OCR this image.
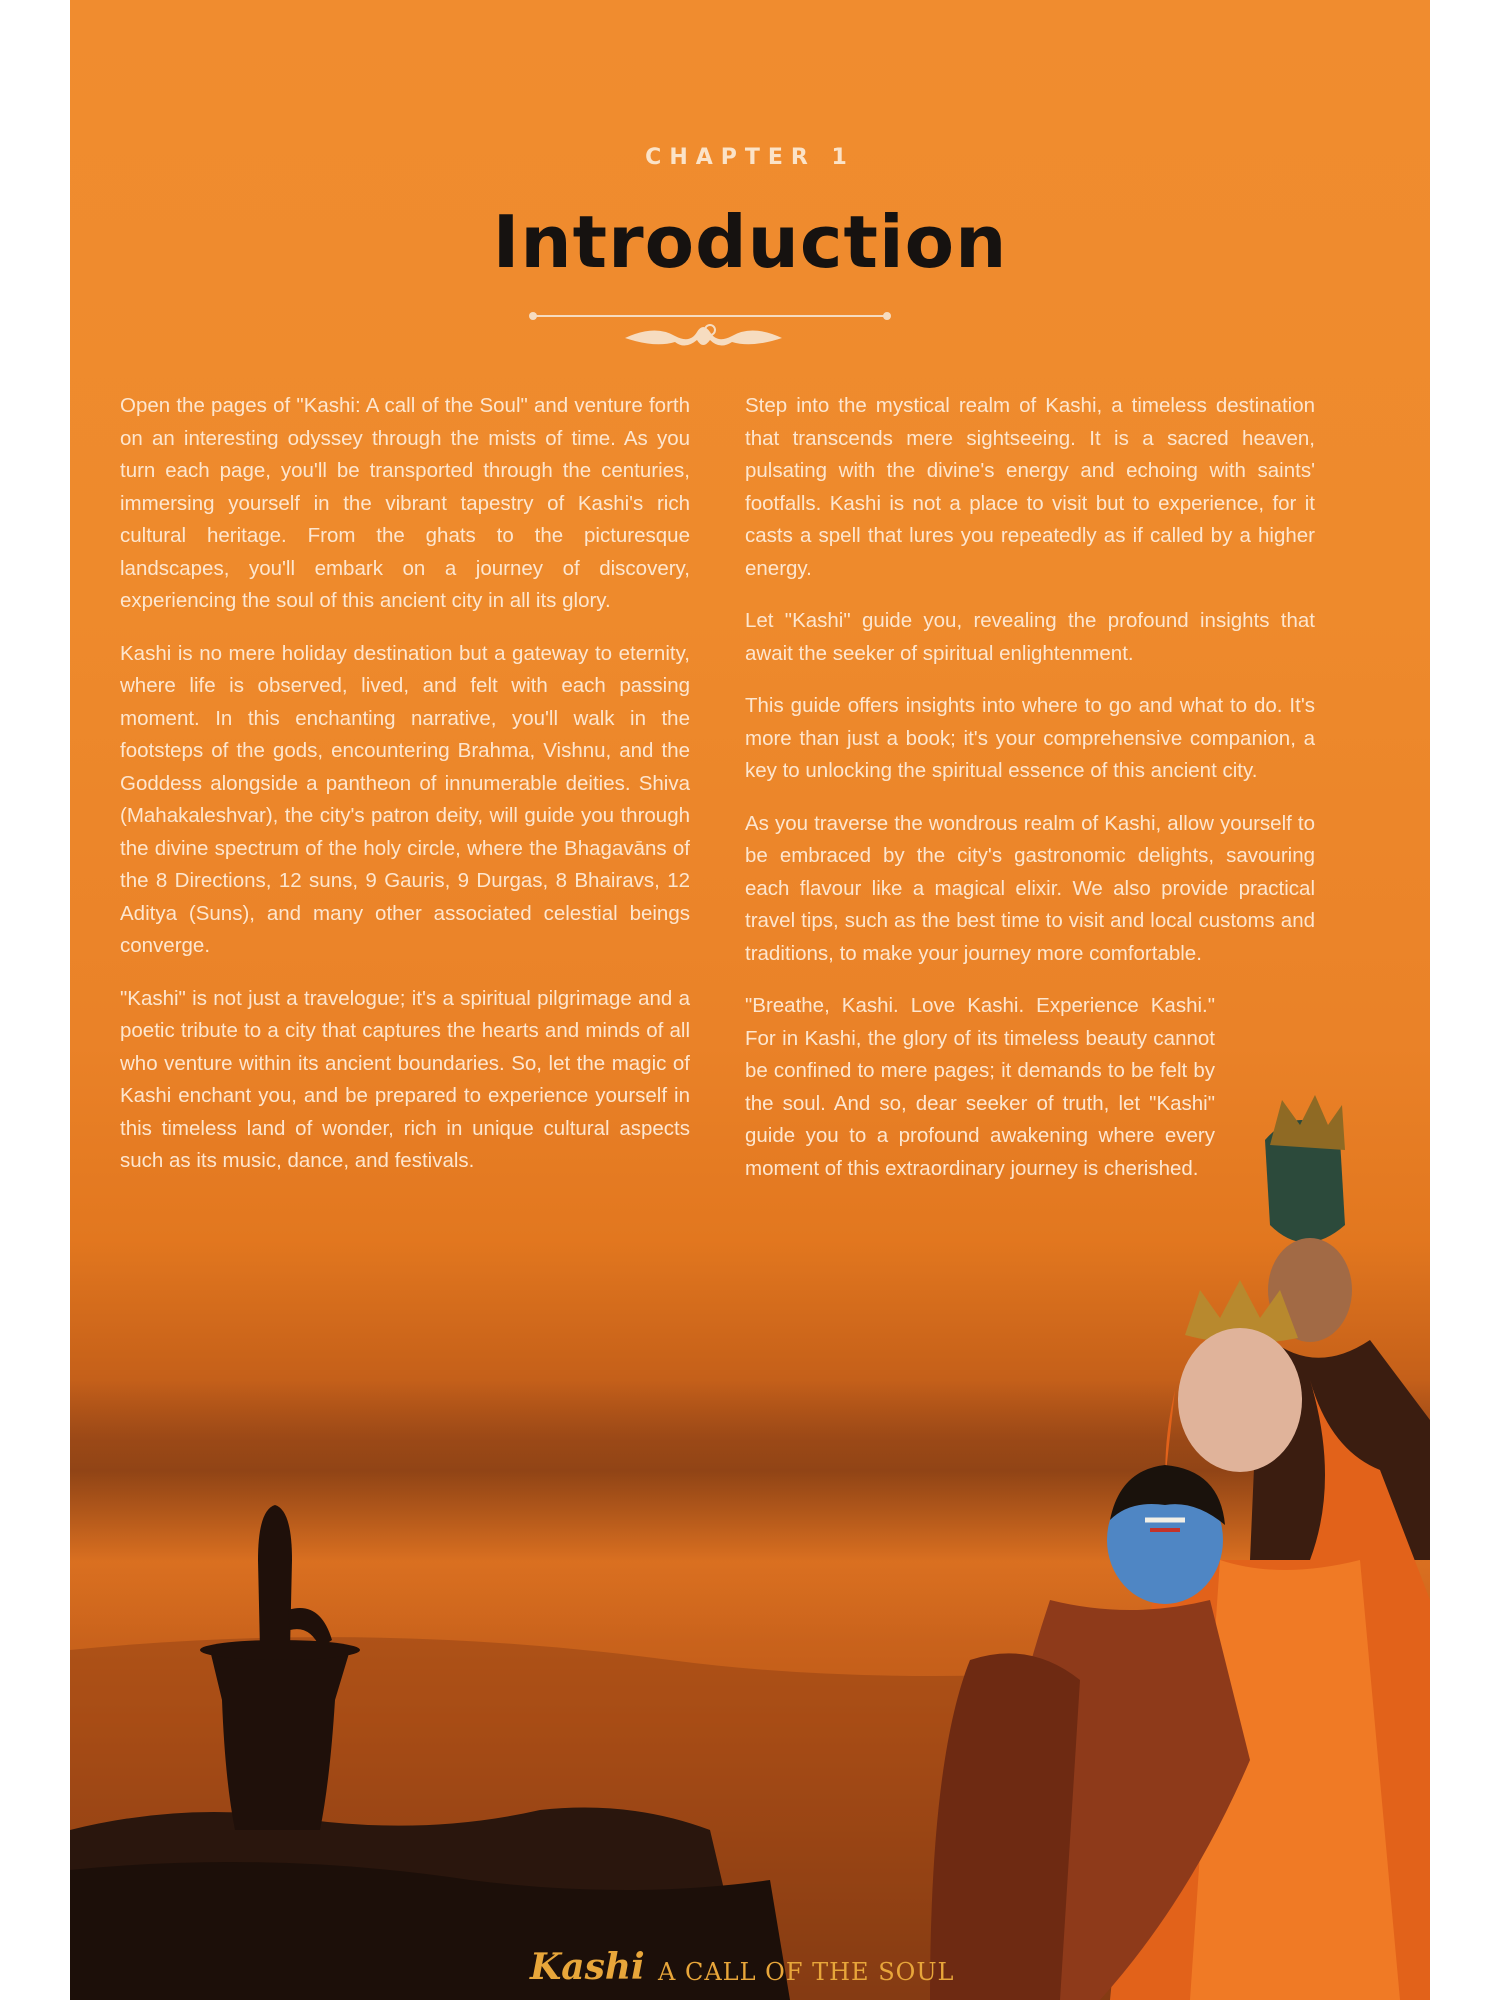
CHAPTER 1
Introduction

Open the pages of "Kashi: A call of the Soul" and venture forth on an interesting odyssey through the mists of time. As you turn each page, you'll be transported through the centuries, immersing yourself in the vibrant tapestry of Kashi's rich cultural heritage. From the ghats to the picturesque landscapes, you'll embark on a journey of discovery, experiencing the soul of this ancient city in all its glory.

Kashi is no mere holiday destination but a gateway to eternity, where life is observed, lived, and felt with each passing moment. In this enchanting narrative, you'll walk in the footsteps of the gods, encountering Brahma, Vishnu, and the Goddess alongside a pantheon of innumerable deities. Shiva (Mahakaleshvar), the city's patron deity, will guide you through the divine spectrum of the holy circle, where the Bhagavāns of the 8 Directions, 12 suns, 9 Gauris, 9 Durgas, 8 Bhairavs, 12 Aditya (Suns), and many other associated celestial beings converge.

"Kashi" is not just a travelogue; it's a spiritual pilgrimage and a poetic tribute to a city that captures the hearts and minds of all who venture within its ancient boundaries. So, let the magic of Kashi enchant you, and be prepared to experience yourself in this timeless land of wonder, rich in unique cultural aspects such as its music, dance, and festivals.

Step into the mystical realm of Kashi, a timeless destination that transcends mere sightseeing. It is a sacred heaven, pulsating with the divine's energy and echoing with saints' footfalls. Kashi is not a place to visit but to experience, for it casts a spell that lures you repeatedly as if called by a higher energy.

Let "Kashi" guide you, revealing the profound insights that await the seeker of spiritual enlightenment.

This guide offers insights into where to go and what to do. It's more than just a book; it's your comprehensive companion, a key to unlocking the spiritual essence of this ancient city.

As you traverse the wondrous realm of Kashi, allow yourself to be embraced by the city's gastronomic delights, savouring each flavour like a magical elixir. We also provide practical travel tips, such as the best time to visit and local customs and traditions, to make your journey more comfortable.

"Breathe, Kashi. Love Kashi. Experience Kashi." For in Kashi, the glory of its timeless beauty cannot be confined to mere pages; it demands to be felt by the soul. And so, dear seeker of truth, let "Kashi" guide you to a profound awakening where every moment of this extraordinary journey is cherished.

Kashi A CALL OF THE SOUL
